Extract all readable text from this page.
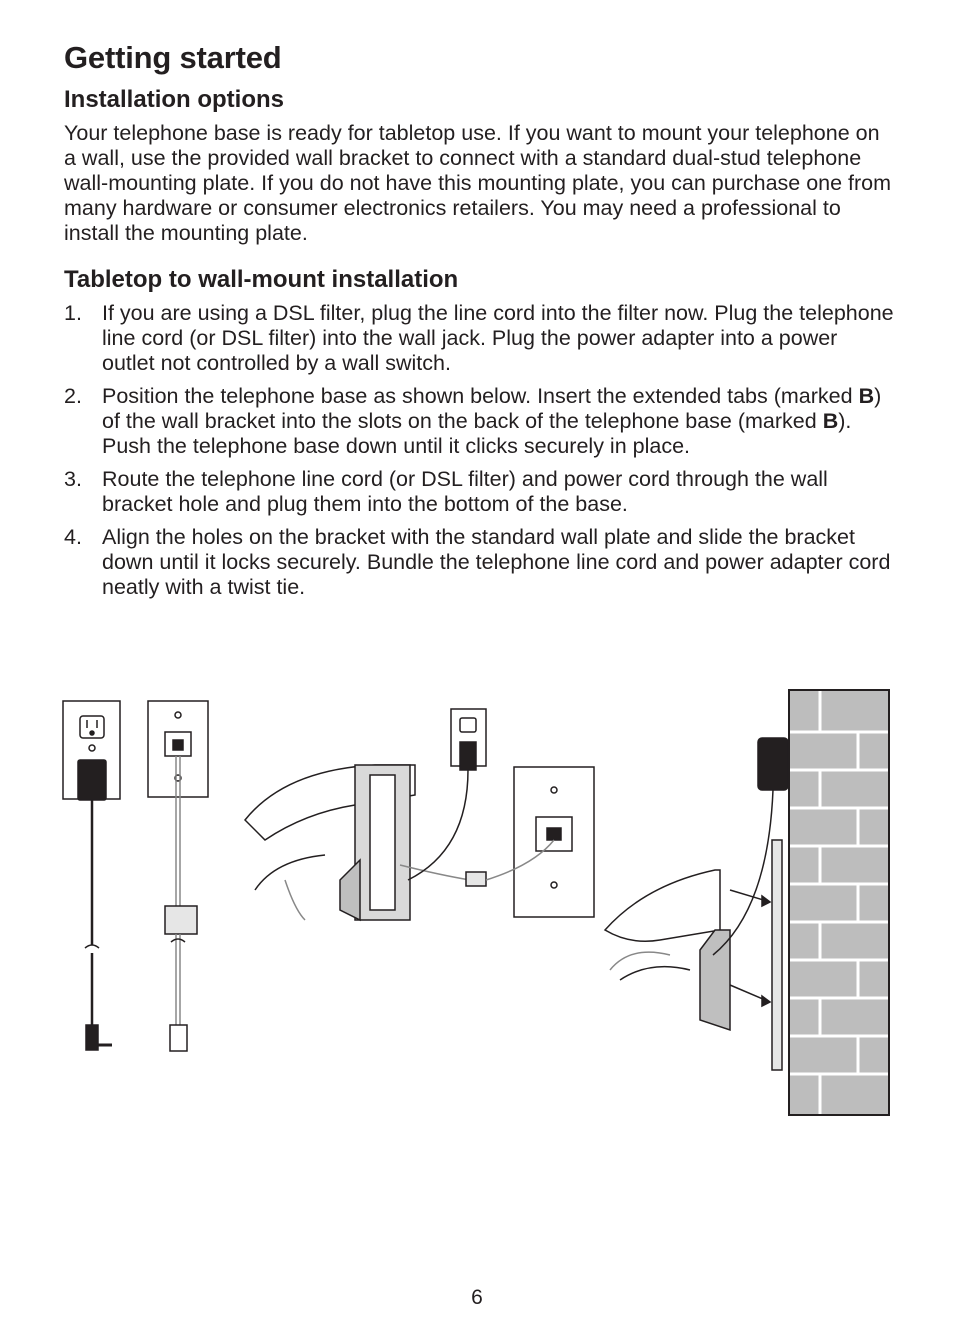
Getting started
Installation options

Your telephone base is ready for tabletop use. If you want to mount your telephone on a wall, use the provided wall bracket to connect with a standard dual-stud telephone wall-mounting plate. If you do not have this mounting plate, you can purchase one from many hardware or consumer electronics retailers. You may need a professional to install the mounting plate.

Tabletop to wall-mount installation
1. If you are using a DSL filter, plug the line cord into the filter now. Plug the telephone line cord (or DSL filter) into the wall jack. Plug the power adapter into a power outlet not controlled by a wall switch.
2. Position the telephone base as shown below. Insert the extended tabs (marked B) of the wall bracket into the slots on the back of the telephone base (marked B). Push the telephone base down until it clicks securely in place.
3. Route the telephone line cord (or DSL filter) and power cord through the wall bracket hole and plug them into the bottom of the base.
4. Align the holes on the bracket with the standard wall plate and slide the bracket down until it locks securely. Bundle the telephone line cord and power adapter cord neatly with a twist tie.
6
